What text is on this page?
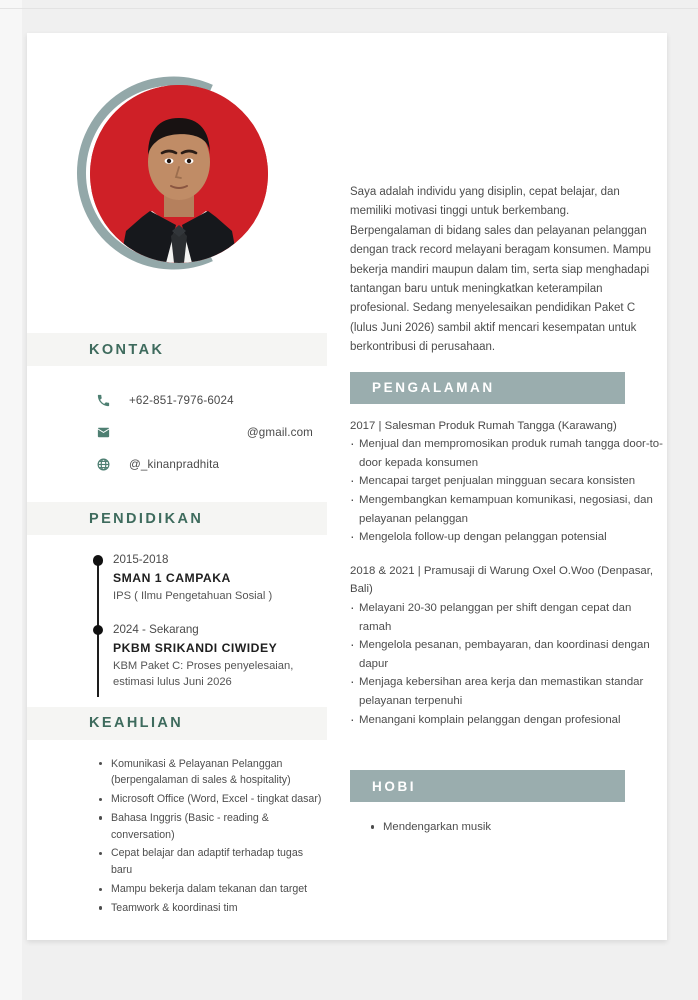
KONTAK
+62-851-7976-6024
@gmail.com
@_kinanpradhita
PENDIDIKAN
2015-2018
SMAN 1 CAMPAKA
IPS ( Ilmu Pengetahuan Sosial )
2024 - Sekarang
PKBM SRIKANDI CIWIDEY
KBM Paket C: Proses penyelesaian, estimasi lulus Juni 2026
KEAHLIAN
Komunikasi & Pelayanan Pelanggan (berpengalaman di sales & hospitality)
Microsoft Office (Word, Excel - tingkat dasar)
Bahasa Inggris (Basic - reading & conversation)
Cepat belajar dan adaptif terhadap tugas baru
Mampu bekerja dalam tekanan dan target
Teamwork & koordinasi tim
Saya adalah individu yang disiplin, cepat belajar, dan memiliki motivasi tinggi untuk berkembang. Berpengalaman di bidang sales dan pelayanan pelanggan dengan track record melayani beragam konsumen. Mampu bekerja mandiri maupun dalam tim, serta siap menghadapi tantangan baru untuk meningkatkan keterampilan profesional. Sedang menyelesaikan pendidikan Paket C (lulus Juni 2026) sambil aktif mencari kesempatan untuk berkontribusi di perusahaan.
PENGALAMAN
2017 | Salesman Produk Rumah Tangga (Karawang)
· Menjual dan mempromosikan produk rumah tangga door-to-door kepada konsumen
· Mencapai target penjualan mingguan secara konsisten
· Mengembangkan kemampuan komunikasi, negosiasi, dan pelayanan pelanggan
· Mengelola follow-up dengan pelanggan potensial
2018 & 2021 | Pramusaji di Warung Oxel O.Woo (Denpasar, Bali)
· Melayani 20-30 pelanggan per shift dengan cepat dan ramah
· Mengelola pesanan, pembayaran, dan koordinasi dengan dapur
· Menjaga kebersihan area kerja dan memastikan standar pelayanan terpenuhi
· Menangani komplain pelanggan dengan profesional
HOBI
Mendengarkan musik
